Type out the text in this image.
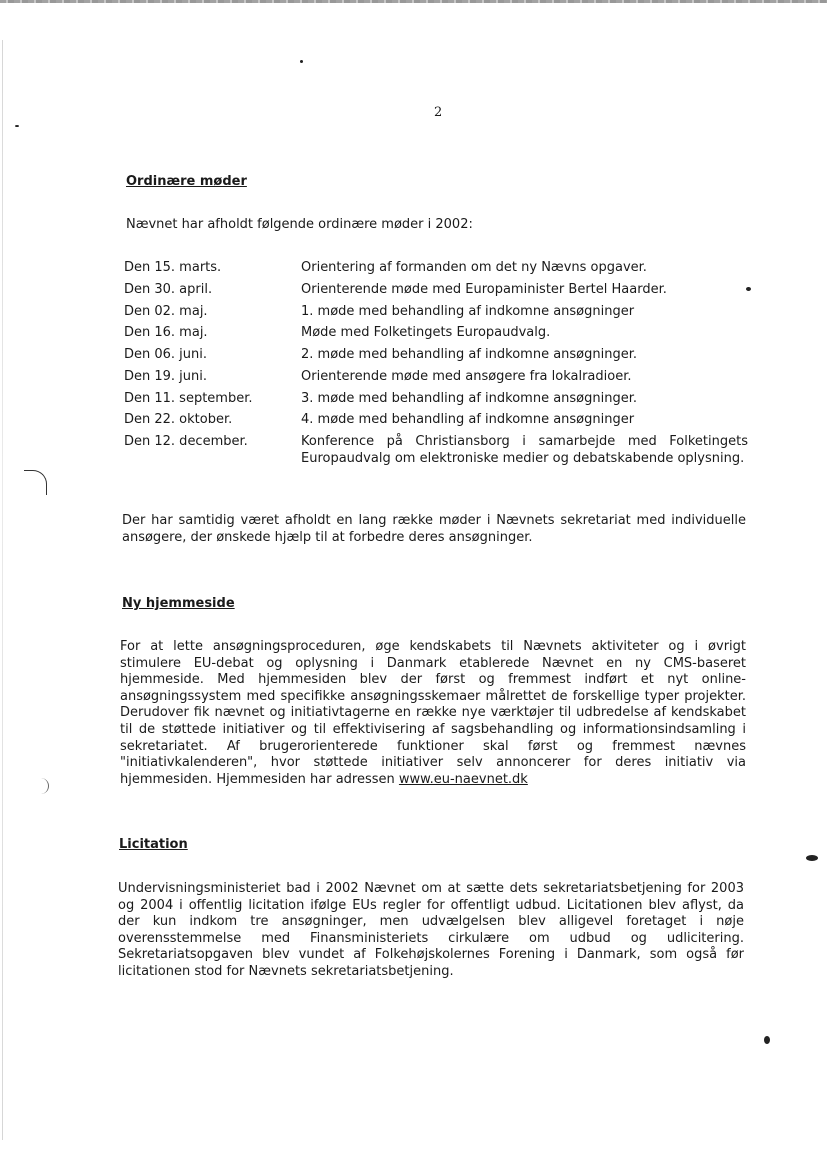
2
Ordinære møder
Nævnet har afholdt følgende ordinære møder i 2002:
Den 15. marts.	Orientering af formanden om det ny Nævns opgaver.
Den 30. april.	Orienterende møde med Europaminister Bertel Haarder.
Den 02. maj.	1. møde med behandling af indkomne ansøgninger
Den 16. maj.	Møde med Folketingets Europaudvalg.
Den 06. juni.	2. møde med behandling af indkomne ansøgninger.
Den 19. juni.	Orienterende møde med ansøgere fra lokalradioer.
Den 11. september.	3. møde med behandling af indkomne ansøgninger.
Den 22. oktober.	4. møde med behandling af indkomne ansøgninger
Den 12. december.	Konference på Christiansborg i samarbejde med Folketingets Europaudvalg om elektroniske medier og debatskabende oplysning.
Der har samtidig været afholdt en lang række møder i Nævnets sekretariat med individuelle ansøgere, der ønskede hjælp til at forbedre deres ansøgninger.
Ny hjemmeside
For at lette ansøgningsproceduren, øge kendskabets til Nævnets aktiviteter og i øvrigt stimulere EU-debat og oplysning i Danmark etablerede Nævnet en ny CMS-baseret hjemmeside. Med hjemmesiden blev der først og fremmest indført et nyt online-ansøgningssystem med specifikke ansøgningsskemaer målrettet de forskellige typer projekter. Derudover fik nævnet og initiativtagerne en række nye værktøjer til udbredelse af kendskabet til de støttede initiativer og til effektivisering af sagsbehandling og informationsindsamling i sekretariatet. Af brugerorienterede funktioner skal først og fremmest nævnes "initiativkalenderen", hvor støttede initiativer selv annoncerer for deres initiativ via hjemmesiden. Hjemmesiden har adressen www.eu-naevnet.dk
Licitation
Undervisningsministeriet bad i 2002 Nævnet om at sætte dets sekretariatsbetjening for 2003 og 2004 i offentlig licitation ifølge EUs regler for offentligt udbud. Licitationen blev aflyst, da der kun indkom tre ansøgninger, men udvælgelsen blev alligevel foretaget i nøje overensstemmelse med Finansministeriets cirkulære om udbud og udlicitering. Sekretariatsopgaven blev vundet af Folkehøjskolernes Forening i Danmark, som også før licitationen stod for Nævnets sekretariatsbetjening.
